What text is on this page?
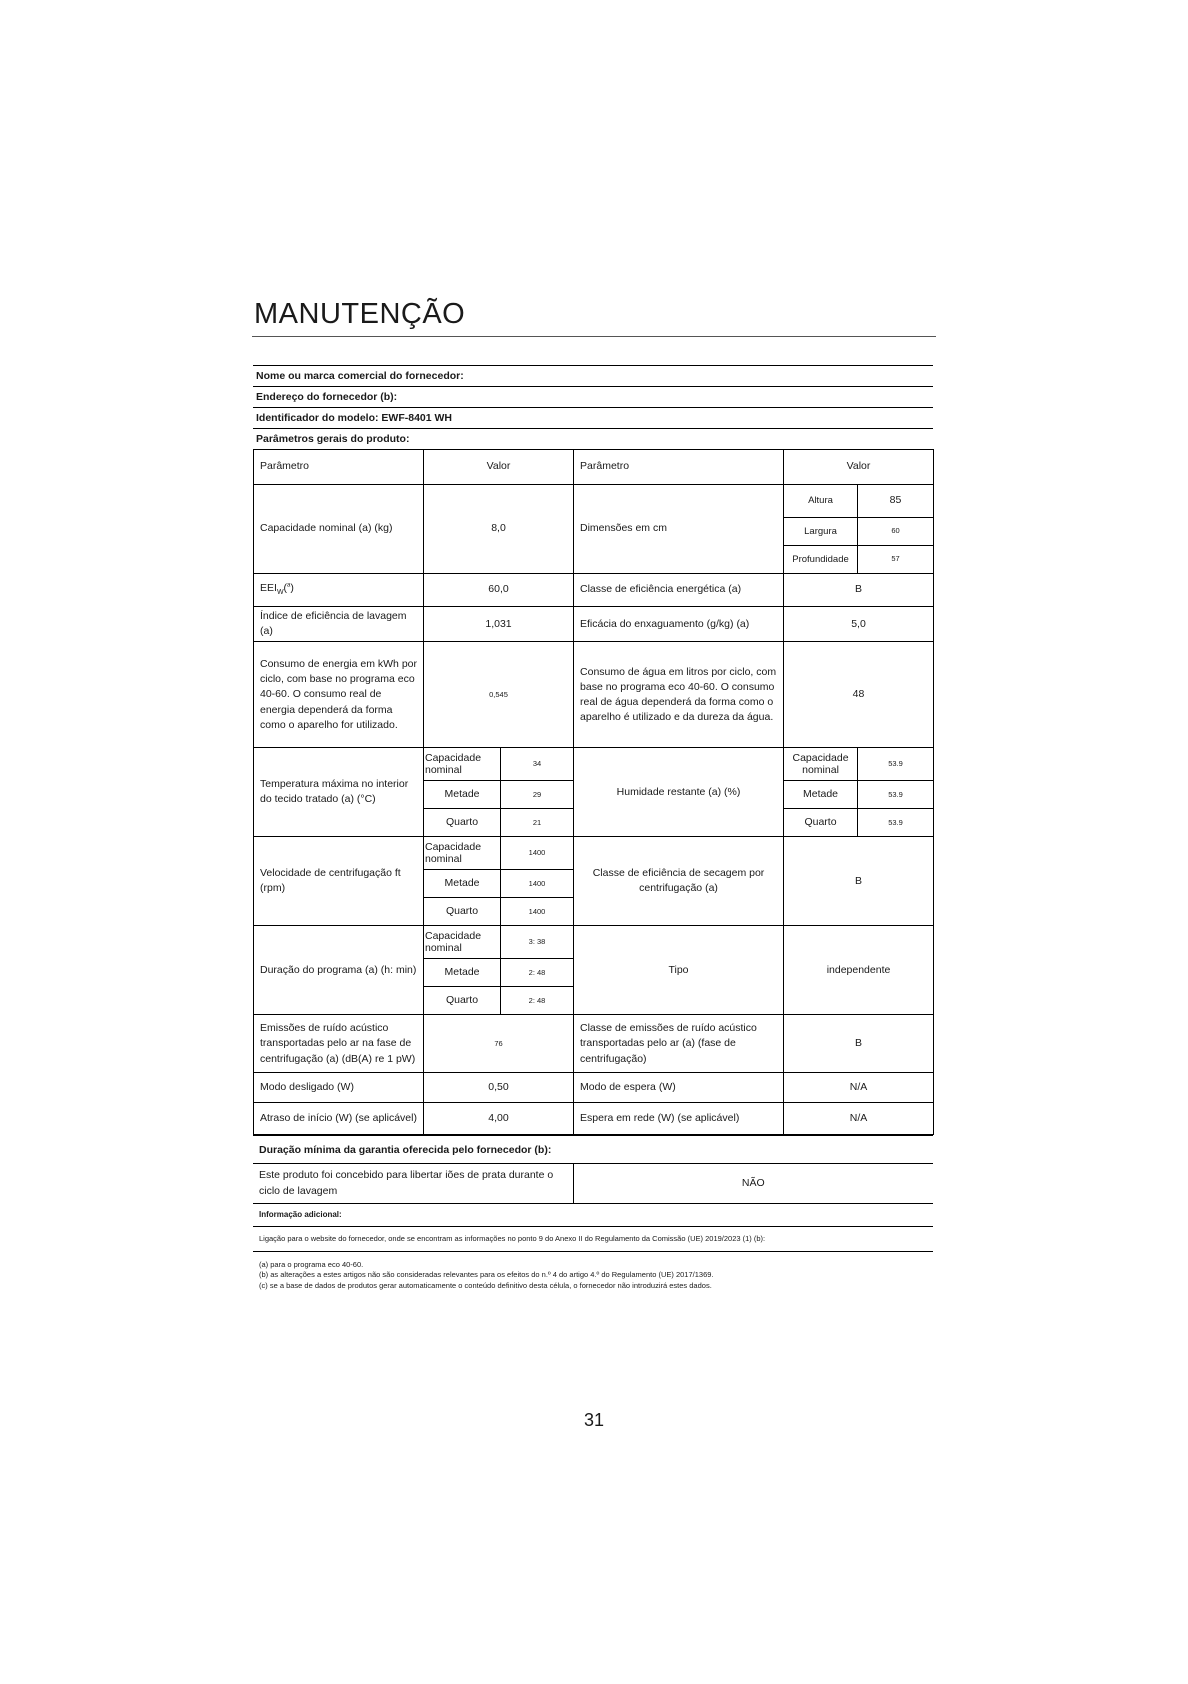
MANUTENÇÃO
Nome ou marca comercial do fornecedor:
Endereço do fornecedor (b):
Identificador do modelo: EWF-8401 WH
Parâmetros gerais do produto:
Parâmetro	Valor		Parâmetro	Valor	
Capacidade nominal (a) (kg)	8,0		Dimensões em cm	Altura	85
				Largura	60
				Profundidade	57
$EEI_W(^a)$	60,0		Classe de eficiência energética (a)	B	
Índice de eficiência de lavagem (a)	1,031		Eficácia do enxaguamento (g/kg) (a)	5,0	
Consumo de energia em kWh por ciclo, com base no programa eco 40-60. O consumo real de energia dependerá da forma como o aparelho for utilizado.	0,545		Consumo de água em litros por ciclo, com base no programa eco 40-60. O consumo real de água dependerá da forma como o aparelho é utilizado e da dureza da água.	48	
Temperatura máxima no interior do tecido tratado (a) (°C)	Capacidade nominal	34	Humidade restante (a) (%)	Capacidade nominal	53.9
	Metade	29		Metade	53.9
	Quarto	21		Quarto	53.9
Velocidade de centrifugação ft (rpm)	Capacidade nominal	1400	Classe de eficiência de secagem por centrifugação (a)	B	
	Metade	1400			
	Quarto	1400			
Duração do programa (a) (h: min)	Capacidade nominal	3: 38	Tipo	independente	
	Metade	2: 48			
	Quarto	2: 48			
Emissões de ruído acústico transportadas pelo ar na fase de centrifugação (a) (dB(A) re 1 pW)	76		Classe de emissões de ruído acústico transportadas pelo ar (a) (fase de centrifugação)	B	
Modo desligado (W)	0,50		Modo de espera (W)	N/A	
Atraso de início (W) (se aplicável)	4,00		Espera em rede (W) (se aplicável)	N/A	
Duração mínima da garantia oferecida pelo fornecedor (b):
Este produto foi concebido para libertar iões de prata durante o ciclo de lavagem	NÃO
Informação adicional:
Ligação para o website do fornecedor, onde se encontram as informações no ponto 9 do Anexo II do Regulamento da Comissão (UE) 2019/2023 (1) (b):
(a) para o programa eco 40-60.
(b) as alterações a estes artigos não são consideradas relevantes para os efeitos do n.º 4 do artigo 4.º do Regulamento (UE) 2017/1369.
(c) se a base de dados de produtos gerar automaticamente o conteúdo definitivo desta célula, o fornecedor não introduzirá estes dados.
31
